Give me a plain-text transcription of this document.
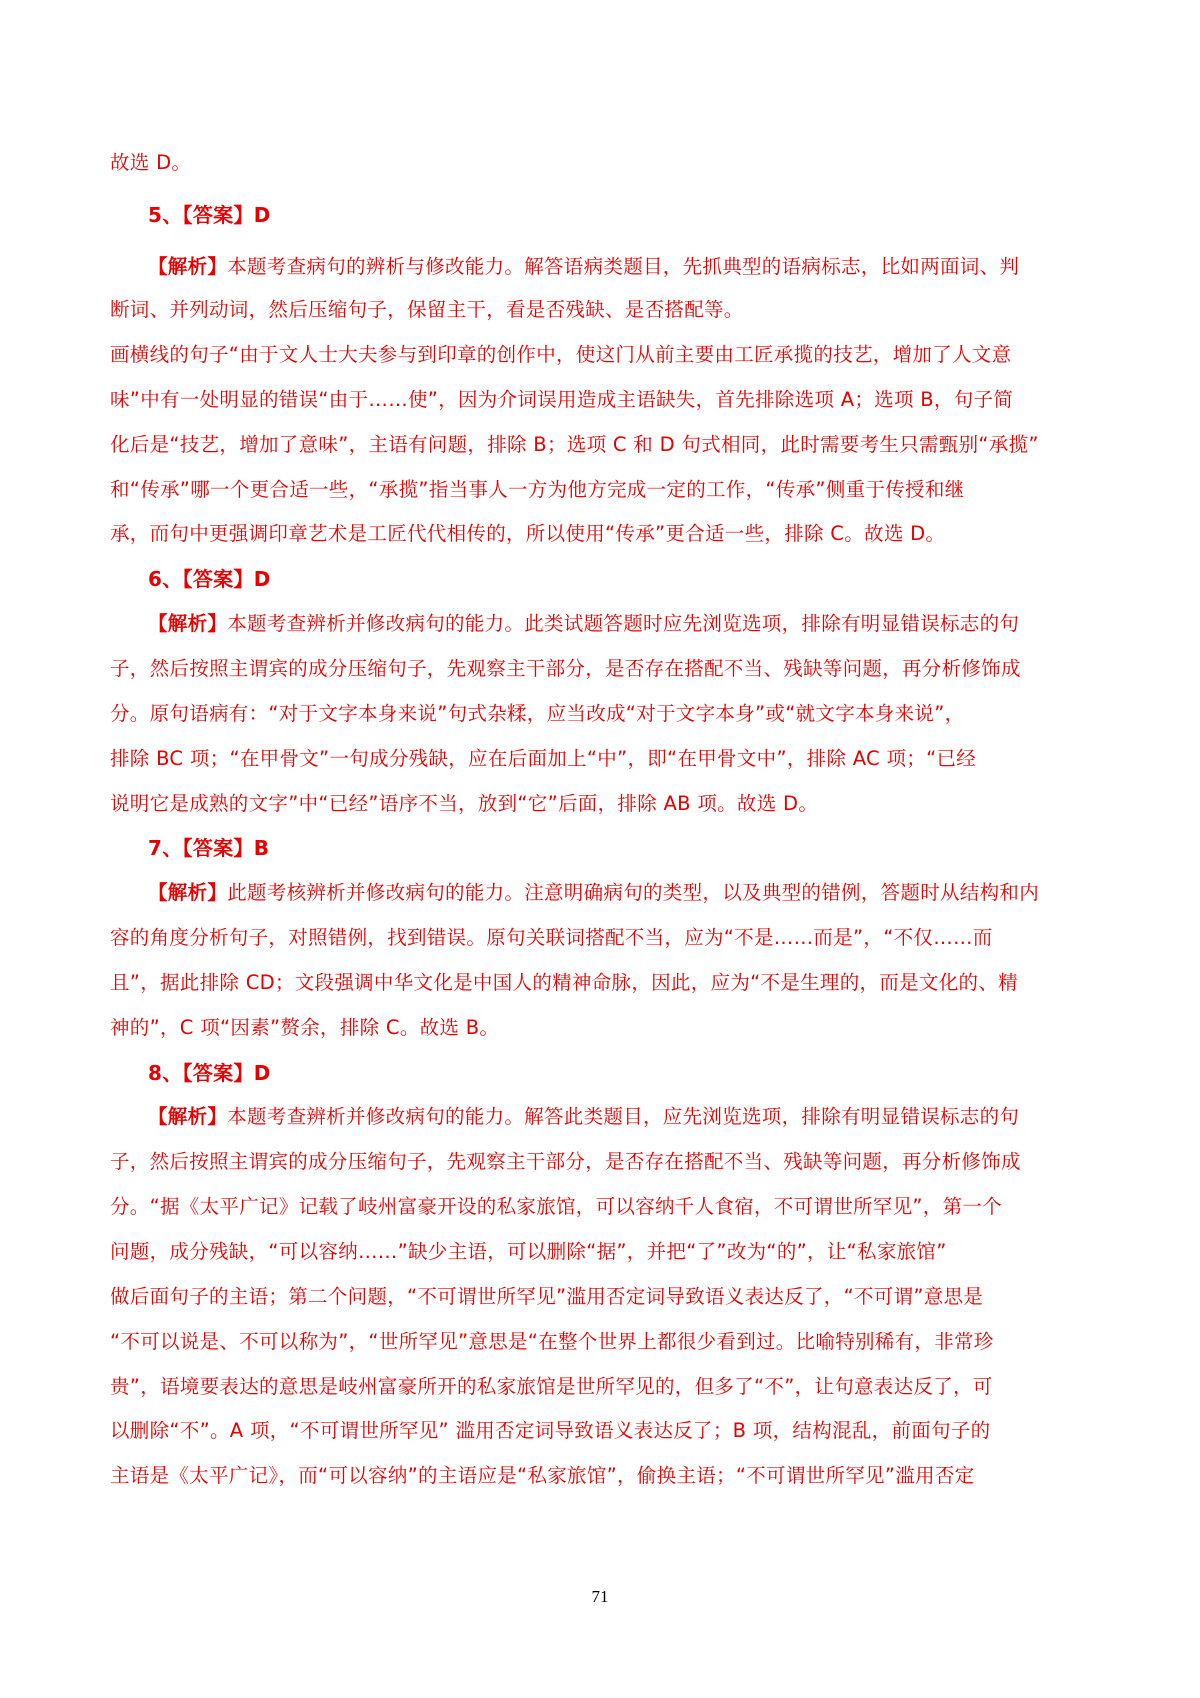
故选 D。
5、【答案】D
【解析】本题考查病句的辨析与修改能力。解答语病类题目，先抓典型的语病标志，比如两面词、判
断词、并列动词，然后压缩句子，保留主干，看是否残缺、是否搭配等。
画横线的句子“由于文人士大夫参与到印章的创作中，使这门从前主要由工匠承揽的技艺，增加了人文意
味”中有一处明显的错误“由于……使”，因为介词误用造成主语缺失，首先排除选项 A；选项 B，句子简
化后是“技艺，增加了意味”，主语有问题，排除 B；选项 C 和 D 句式相同，此时需要考生只需甄别“承揽”
和“传承”哪一个更合适一些，“承揽”指当事人一方为他方完成一定的工作，“传承”侧重于传授和继
承，而句中更强调印章艺术是工匠代代相传的，所以使用“传承”更合适一些，排除 C。故选 D。
6、【答案】D
【解析】本题考查辨析并修改病句的能力。此类试题答题时应先浏览选项，排除有明显错误标志的句
子，然后按照主谓宾的成分压缩句子，先观察主干部分，是否存在搭配不当、残缺等问题，再分析修饰成
分。原句语病有：“对于文字本身来说”句式杂糅，应当改成“对于文字本身”或“就文字本身来说”，
排除 BC 项；“在甲骨文”一句成分残缺，应在后面加上“中”，即“在甲骨文中”，排除 AC 项；“已经
说明它是成熟的文字”中“已经”语序不当，放到“它”后面，排除 AB 项。故选 D。
7、【答案】B
【解析】此题考核辨析并修改病句的能力。注意明确病句的类型，以及典型的错例，答题时从结构和内
容的角度分析句子，对照错例，找到错误。原句关联词搭配不当，应为“不是……而是”，“不仅……而
且”，据此排除 CD；文段强调中华文化是中国人的精神命脉，因此，应为“不是生理的，而是文化的、精
神的”，C 项“因素”赘余，排除 C。故选 B。
8、【答案】D
【解析】本题考查辨析并修改病句的能力。解答此类题目，应先浏览选项，排除有明显错误标志的句
子，然后按照主谓宾的成分压缩句子，先观察主干部分，是否存在搭配不当、残缺等问题，再分析修饰成
分。“据《太平广记》记载了岐州富豪开设的私家旅馆，可以容纳千人食宿，不可谓世所罕见”，第一个
问题，成分残缺，“可以容纳……”缺少主语，可以删除“据”，并把“了”改为“的”，让“私家旅馆”
做后面句子的主语；第二个问题，“不可谓世所罕见”滥用否定词导致语义表达反了，“不可谓”意思是
“不可以说是、不可以称为”，“世所罕见”意思是“在整个世界上都很少看到过。比喻特别稀有，非常珍
贵”，语境要表达的意思是岐州富豪所开的私家旅馆是世所罕见的，但多了“不”，让句意表达反了，可
以删除“不”。A 项，“不可谓世所罕见” 滥用否定词导致语义表达反了；B 项，结构混乱，前面句子的
主语是《太平广记》，而“可以容纳”的主语应是“私家旅馆”，偷换主语；“不可谓世所罕见”滥用否定
71
